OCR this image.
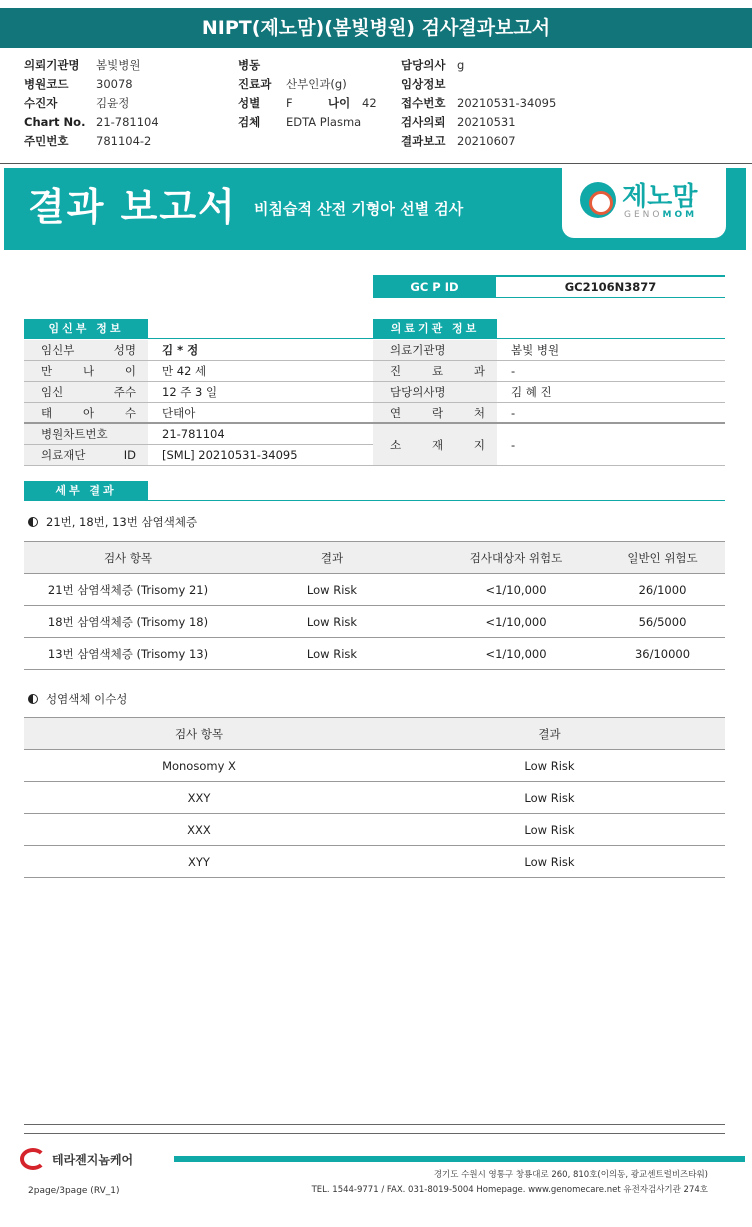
NIPT(제노맘)(봄빛병원) 검사결과보고서
의뢰기관명	봄빛병원
병원코드	30078
수진자	김윤정
Chart No. 21-781104
주민번호	781104-2
병동
진료과	산부인과(g)
성별	F	나이	42
검체	EDTA Plasma
담당의사	g
임상정보
접수번호	20210531-34095
검사의뢰	20210531
결과보고	20210607
결과 보고서 비침습적 산전 기형아 선별 검사	제노맘
GENOMOM
GC P ID	GC2106N3877
임신부 정보	의료기관 정보
임신부 성명	김 * 정
만 나 이	만 42 세
임신 주수	12 주 3 일
태 아 수	단태아
병원차트번호	21-781104
의료재단 ID	[SML] 20210531-34095
의료기관명	봄빛 병원
진 료 과	-
담당의사명	김 혜 진
연 락 처	-
소 재 지	-
세부 결과
21번, 18번, 13번 삼염색체증
검사 항목	결과	검사대상자 위험도	일반인 위험도
21번 삼염색체증 (Trisomy 21)	Low Risk	<1/10,000	26/1000
18번 삼염색체증 (Trisomy 18)	Low Risk	<1/10,000	56/5000
13번 삼염색체증 (Trisomy 13)	Low Risk	<1/10,000	36/10000
성염색체 이수성
검사 항목	결과
Monosomy X	Low Risk
XXY	Low Risk
XXX	Low Risk
XYY	Low Risk
테라젠지놈케어
경기도 수원시 영통구 창룡대로 260, 810호(이의동, 광교센트럴비즈타워)
TEL. 1544-9771 / FAX. 031-8019-5004 Homepage. www.genomecare.net 유전자검사기관 274호
2page/3page (RV_1)
